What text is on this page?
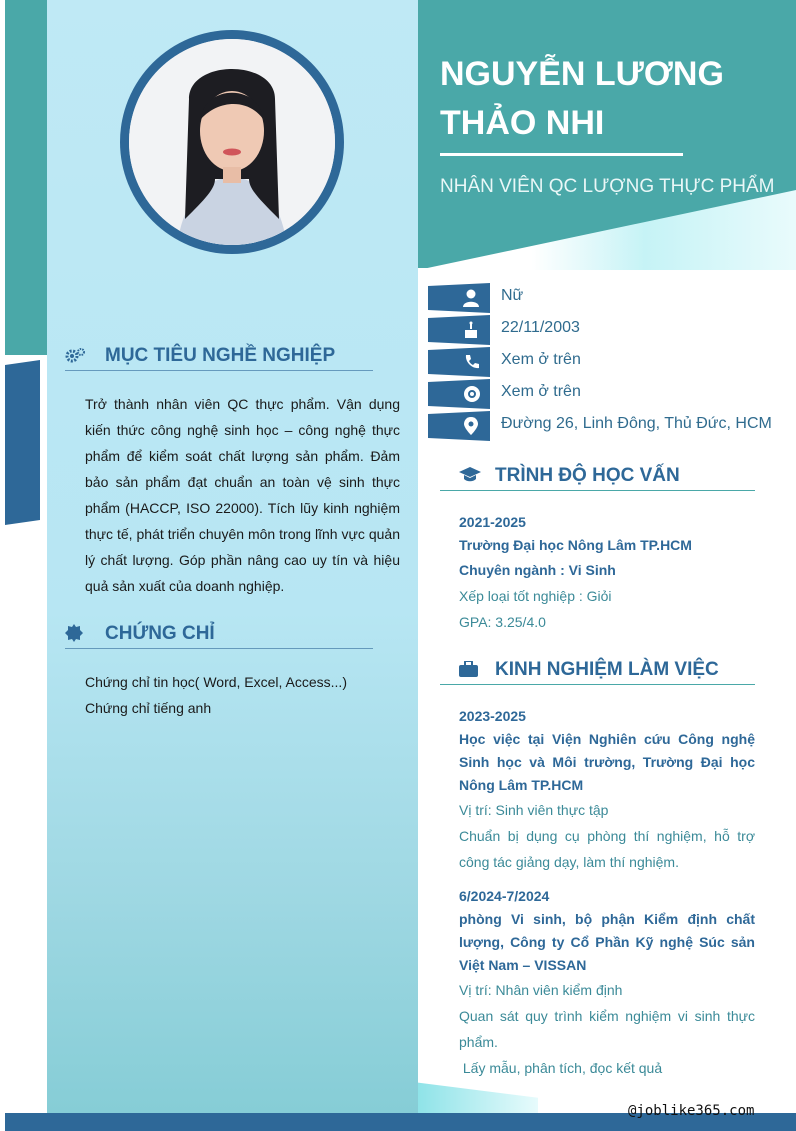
NGUYỄN LƯƠNG
THẢO NHI
NHÂN VIÊN QC LƯỢNG THỰC PHẨM
Nữ
22/11/2003
Xem ở trên
Xem ở trên
Đường 26, Linh Đông, Thủ Đức, HCM
MỤC TIÊU NGHỀ NGHIỆP
Trở thành nhân viên QC thực phẩm. Vận dụng kiến thức công nghệ sinh học – công nghệ thực phẩm để kiểm soát chất lượng sản phẩm. Đảm bảo sản phẩm đạt chuẩn an toàn vệ sinh thực phẩm (HACCP, ISO 22000). Tích lũy kinh nghiệm thực tế, phát triển chuyên môn trong lĩnh vực quản lý chất lượng. Góp phần nâng cao uy tín và hiệu quả sản xuất của doanh nghiệp.
CHỨNG CHỈ
Chứng chỉ tin học( Word, Excel, Access...)
Chứng chỉ tiếng anh
TRÌNH ĐỘ HỌC VẤN
2021-2025
Trường Đại học Nông Lâm TP.HCM
Chuyên ngành : Vi Sinh
Xếp loại tốt nghiệp : Giỏi
GPA: 3.25/4.0
KINH NGHIỆM LÀM VIỆC
2023-2025
Học việc tại Viện Nghiên cứu Công nghệ Sinh học và Môi trường, Trường Đại học Nông Lâm TP.HCM
Vị trí: Sinh viên thực tập
Chuẩn bị dụng cụ phòng thí nghiệm, hỗ trợ công tác giảng dạy, làm thí nghiệm.
6/2024-7/2024
phòng Vi sinh, bộ phận Kiểm định chất lượng, Công ty Cổ Phần Kỹ nghệ Súc sản Việt Nam – VISSAN
Vị trí: Nhân viên kiểm định
Quan sát quy trình kiểm nghiệm vi sinh thực phẩm.
Lấy mẫu, phân tích, đọc kết quả
@joblike365.com
